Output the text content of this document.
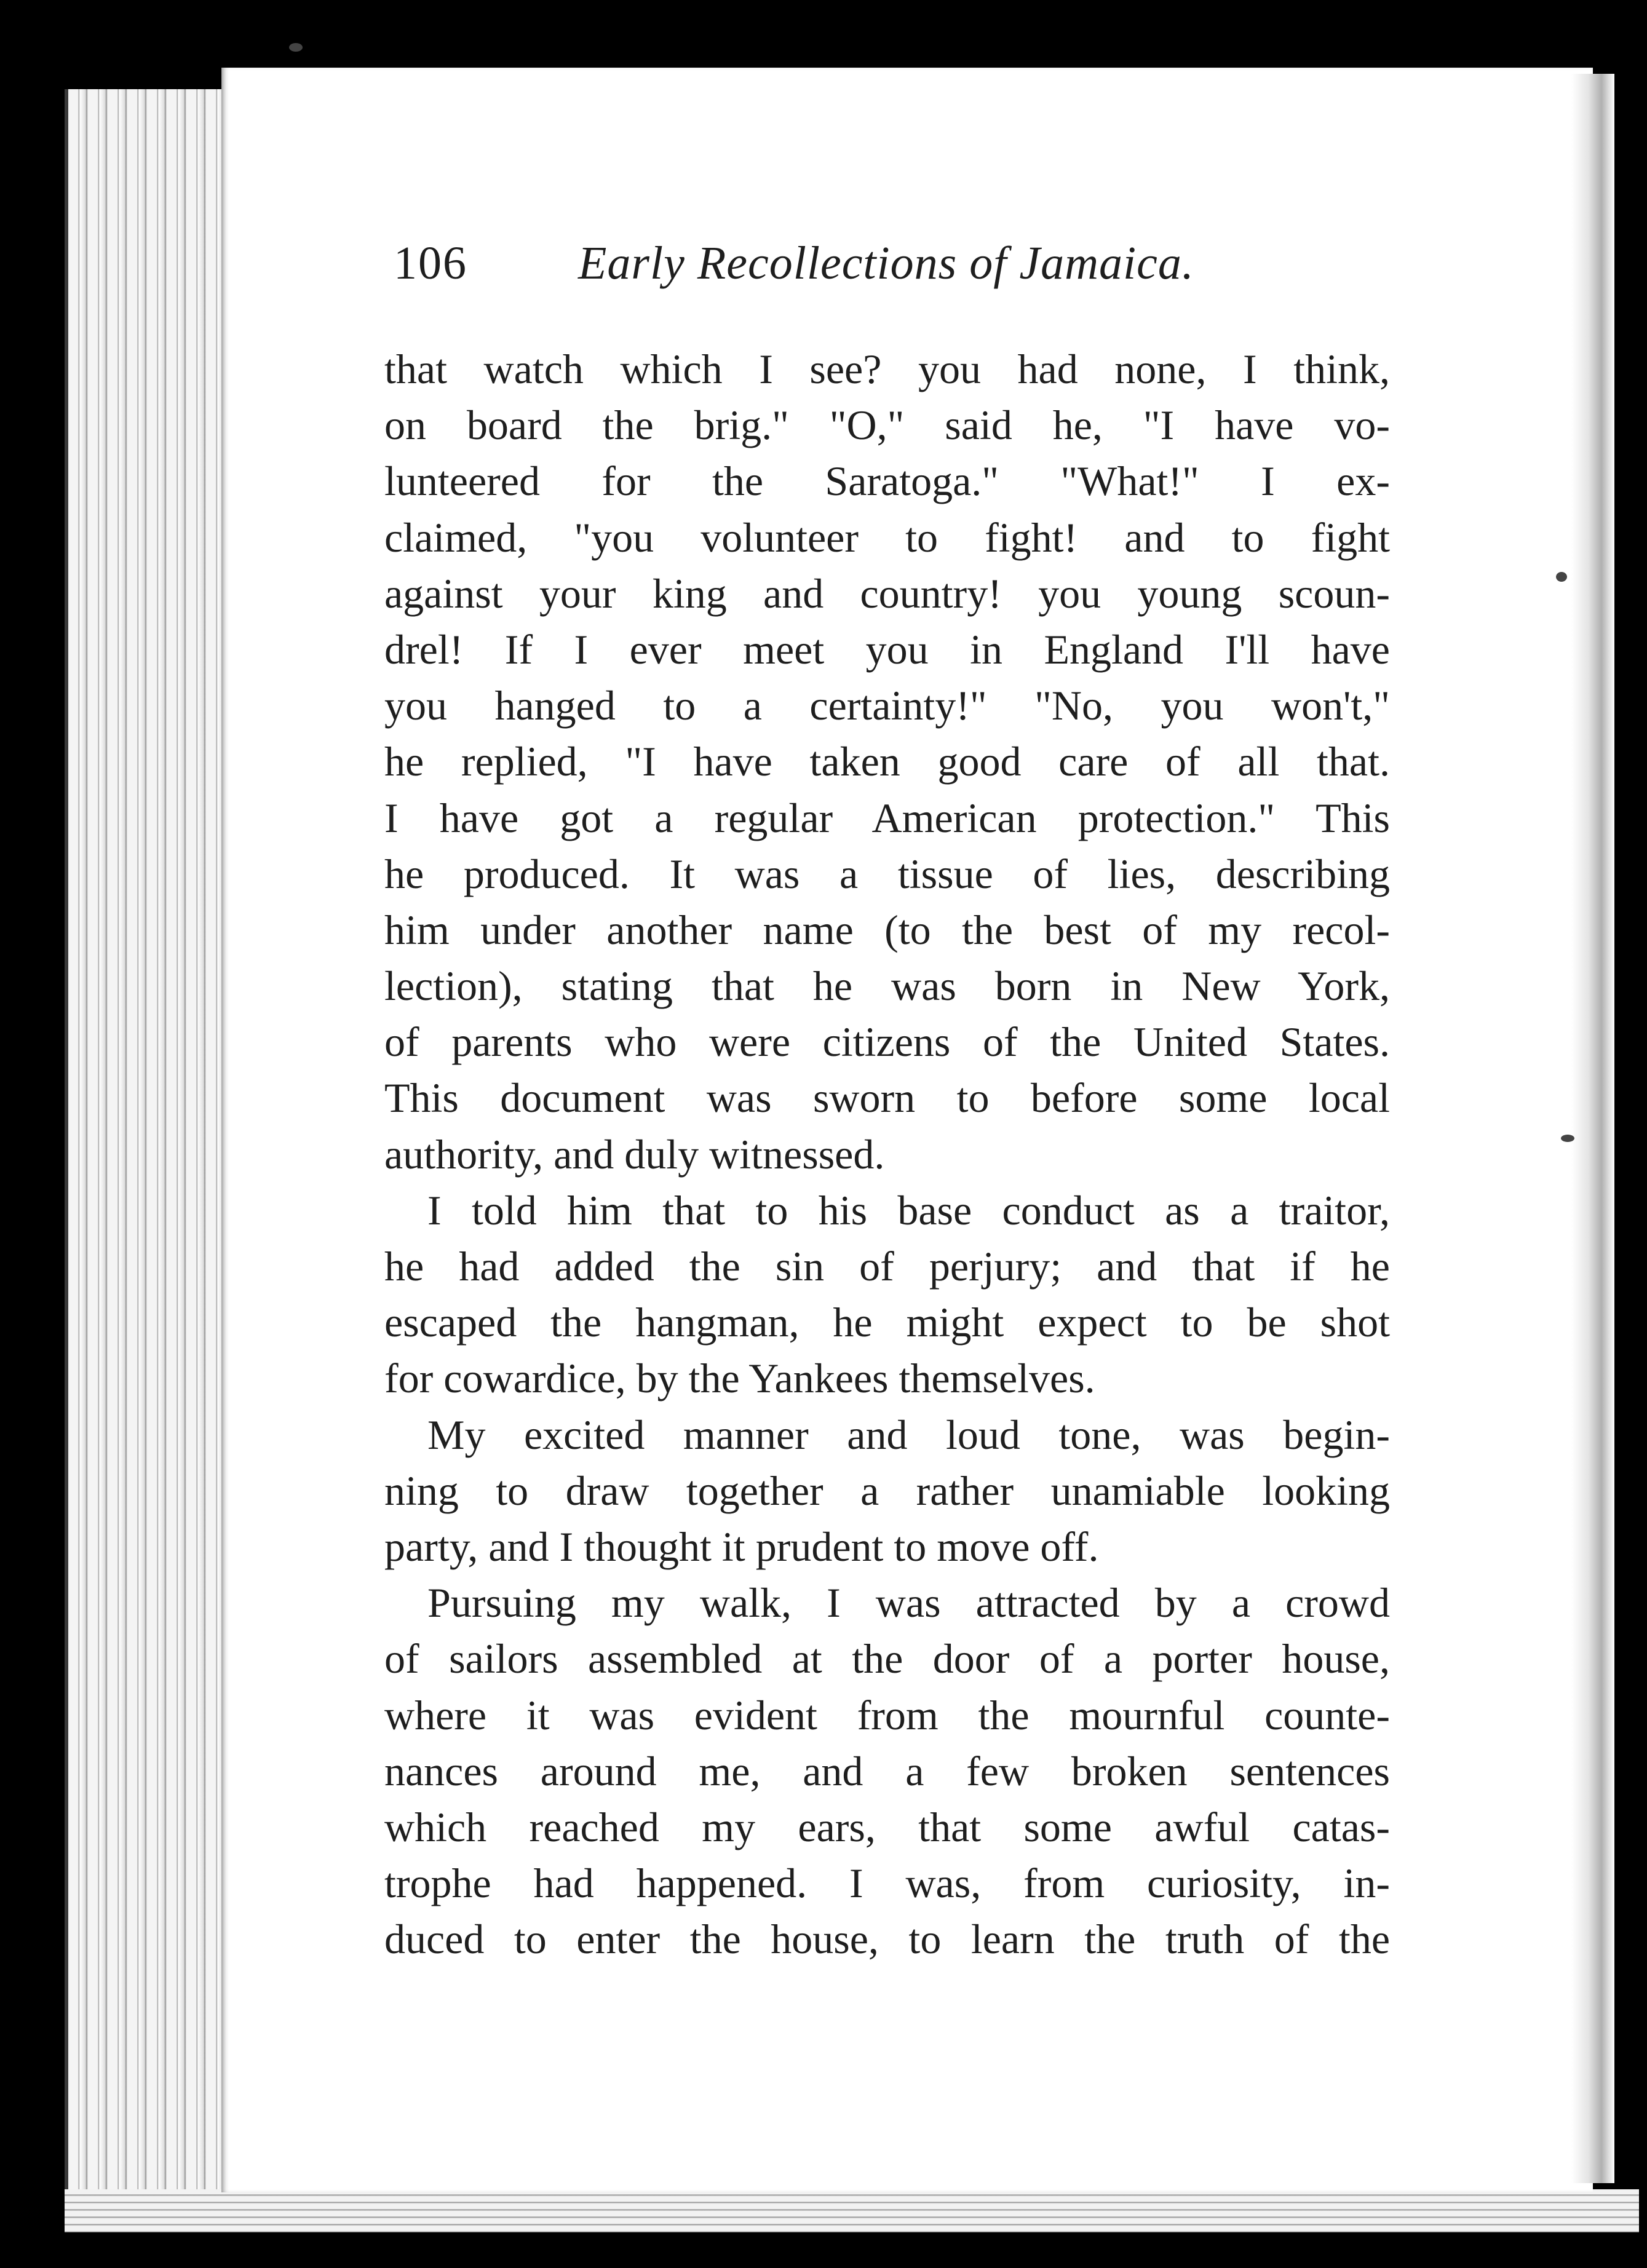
106 Early Recollections of Jamaica.
that watch which I see? you had none, I think,
on board the brig." "O," said he, "I have vo-
lunteered for the Saratoga." "What!" I ex-
claimed, "you volunteer to fight! and to fight
against your king and country! you young scoun-
drel! If I ever meet you in England I'll have
you hanged to a certainty!" "No, you won't,"
he replied, "I have taken good care of all that.
I have got a regular American protection." This
he produced. It was a tissue of lies, describing
him under another name (to the best of my recol-
lection), stating that he was born in New York,
of parents who were citizens of the United States.
This document was sworn to before some local
authority, and duly witnessed.
I told him that to his base conduct as a traitor,
he had added the sin of perjury; and that if he
escaped the hangman, he might expect to be shot
for cowardice, by the Yankees themselves.
My excited manner and loud tone, was begin-
ning to draw together a rather unamiable looking
party, and I thought it prudent to move off.
Pursuing my walk, I was attracted by a crowd
of sailors assembled at the door of a porter house,
where it was evident from the mournful counte-
nances around me, and a few broken sentences
which reached my ears, that some awful catas-
trophe had happened. I was, from curiosity, in-
duced to enter the house, to learn the truth of the
